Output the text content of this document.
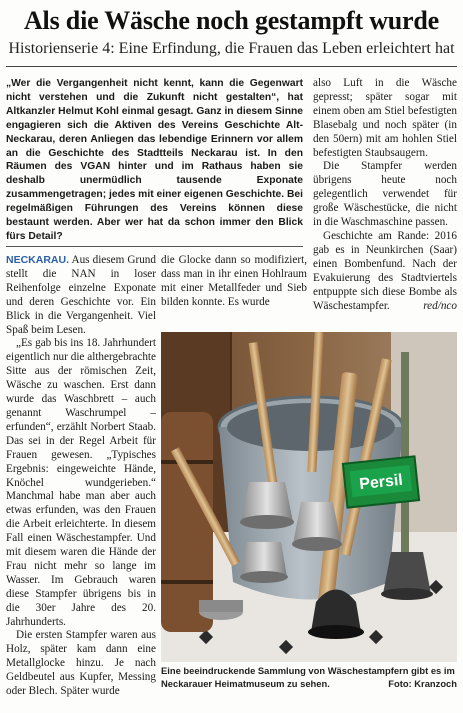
Als die Wäsche noch gestampft wurde
Historienserie 4: Eine Erfindung, die Frauen das Leben erleichtert hat
„Wer die Vergangenheit nicht kennt, kann die Gegenwart nicht verstehen und die Zukunft nicht gestalten“, hat Altkanzler Helmut Kohl einmal gesagt. Ganz in diesem Sinne engagieren sich die Aktiven des Vereins Geschichte Alt-Neckarau, deren Anliegen das lebendige Erinnern vor allem an die Geschichte des Stadtteils Neckarau ist. In den Räumen des VGAN hinter und im Rathaus haben sie deshalb unermüdlich tausende Exponate zusammengetragen; jedes mit einer eigenen Geschichte. Bei regelmäßigen Führungen des Vereins können diese bestaunt werden. Aber wer hat da schon immer den Blick fürs Detail?

NECKARAU. Aus diesem Grund stellt die NAN in loser Reihenfolge einzelne Exponate und deren Geschichte vor. Ein Blick in die Vergangenheit. Viel Spaß beim Lesen.

„Es gab bis ins 18. Jahrhundert eigentlich nur die althergebrachte Sitte aus der römischen Zeit, Wäsche zu waschen. Erst dann wurde das Waschbrett – auch genannt Waschrumpel – erfunden“, erzählt Norbert Staab. Das sei in der Regel Arbeit für Frauen gewesen. „Typisches Ergebnis: eingeweichte Hände, Knöchel wundgerieben.“ Manchmal habe man aber auch etwas erfunden, was den Frauen die Arbeit erleichterte. In diesem Fall einen Wäschestampfer. Und mit diesem waren die Hände der Frau nicht mehr so lange im Wasser. Im Gebrauch waren diese Stampfer übrigens bis in die 30er Jahre des 20. Jahrhunderts.

Die ersten Stampfer waren aus Holz, später kam dann eine Metallglocke hinzu. Je nach Geldbeutel aus Kupfer, Messing oder Blech. Später wurde

die Glocke dann so modifiziert, dass man in ihr einen Hohlraum mit einer Metallfeder und Sieb bilden konnte. Es wurde

also Luft in die Wäsche gepresst; später sogar mit einem oben am Stiel befestigten Blasebalg und noch später (in den 50ern) mit am hohlen Stiel befestigten Staubsaugern.

Die Stampfer werden übrigens heute noch gelegentlich verwendet für große Wäschestücke, die nicht in die Waschmaschine passen.

Geschichte am Rande: 2016 gab es in Neunkirchen (Saar) einen Bombenfund. Nach der Evakuierung des Stadtviertels entpuppte sich diese Bombe als Wäschestampfer.	red/nco

Persil
Eine beeindruckende Sammlung von Wäschestampfern gibt es im Neckarauer Heimatmuseum zu sehen.	Foto: Kranzoch
